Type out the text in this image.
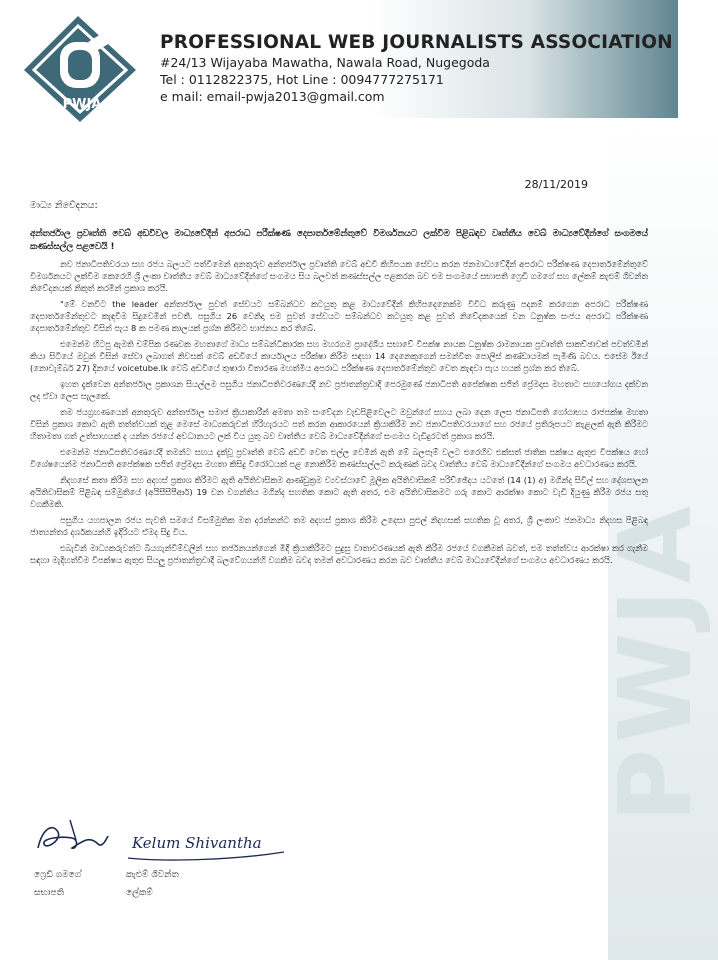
PWJA
PWJA
PROFESSIONAL WEB JOURNALISTS ASSOCIATION
#24/13 Wijayaba Mawatha, Nawala Road, Nugegoda
Tel : 0112822375, Hot Line : 0094777275171
e mail: email-pwja2013@gmail.com
28/11/2019
මාධ්‍ය නිවේදනය:

අන්තර්ජාල ප්‍රවෘත්ති වෙබ් අඩවිවල මාධ්‍යවේදීන් අපරාධ පරීක්ෂණ දෙපාර්තමේන්තුවේ විමර්ශනයට ලක්වීම පිළිබඳව වෘත්තීය වෙබ් මාධ්‍යවේදීන්ගේ සංගමයේ කණස්සල්ල පළවෙයි !

නව ජනාධිපතිවරයා සහ රජය බලයට පත්වීමෙන් අනතුරුව අන්තර්ජාල ප්‍රවෘත්ති වෙබ් අඩවි කිහිපයක සේවය කරන ජනමාධ්‍යවේදීන් අපරාධ පරීක්ෂණ දෙපාර්තමේන්තුවේ විමර්ශනයට ලක්වීම කෙරෙහි ශ්‍රී ලංකා වෘත්තීය වෙබ් මාධ්‍යවේදීන්ගේ සංගමය සිය බලවත් කණස්සල්ල පළකරන බව එම සංගමයේ සභාපති ෆ්‍රෙඩි ගමගේ සහ ලේකම් කැළුම් ශිවන්ත නිවේදනයක් නිකුත් කරමින් ප්‍රකාශ කරයි.

"මේ වනවිට the leader අන්තර්ජාල පුවත් සේවයට සම්බන්ධව කටයුතු කළ මාධ්‍යවේදීන් කිහිපදෙනෙක්ම විවිධ කරුණු පදනම් කරගෙන අපරාධ පරීක්ෂණ දෙපාර්තමේන්තුවට කැඳවීම සිදුවෙමින් පවතී. පසුගිය 26 වෙනිදා එම පුවත් සේවයට සම්බන්ධව කටයුතු කළ පුවත් නිවේදකයෙක් වන ධනුෂ්ක සංජය අපරාධ පරීක්ෂණ දෙපාර්තමේන්තුව විසින් පැය 8 ක පමණ කාලයක් ප්‍රශ්න කිරීමට භාජනය කර තිබේ.

එමෙන්ම හිටපු ඇමති චම්පික රණවක මහතාගේ මාධ්‍ය සම්බන්ධීකාරක සහ මහරගම ප්‍රාදේශීය සභාවේ විපක්ෂ නායක ධනුෂ්ක රාමනායක ප්‍රවෘත්ති සාකච්ඡාවක් පවත්වමින් කියා සිටියේ ඔවුන් විසින් සේවා ලබාගත් නිවසක් වෙබ් අඩවියේ කාර්යාලය පරීක්ෂා කිරීම සඳහා 14 දෙනෙකුගෙන් සමන්විත පොලිස් කණ්ඩායමක් පැමිණි බවය. එසේම ඊයේ (නොවැම්බර් 27) දිනයේ voicetube.lk වෙබ් අඩවියේ තුෂාරා විතාරණ මහත්මිය අපරාධ පරීක්ෂණ දෙපාර්තමේන්තුව වෙත කැඳවා පැය හයක් ප්‍රශ්න කර තිබේ.

ඉහත දැක්වෙන අන්තර්ජාල ප්‍රකාශන සියල්ලම පසුගිය ජනාධිපතිවරණයේදී නව ප්‍රජාතන්ත්‍රවාදී පෙරමුණේ ජනාධිපති අපේක්ෂක සජිත් ප්‍රේමදාස මහතාට සහයෝගය දක්වන ලද ඒවා ලෙස සැලකේ.

තම ජයග්‍රහණයෙන් අනතුරුව අන්තර්ජාල සමාජ ක්‍රියාකාරීන් අමතා තම සංවේදන වැඩපිළිවෙලට ඔවුන්ගේ සහය ලබා දෙන ලෙස ජනාධිපති ගෝඨාභය රාජපක්ෂ මහතා විසින් ප්‍රකාශ කොට ඇති තත්ත්වයක් තුළ මෙසේ මාධ්‍යකරුවන් හිරිහැරයට පත් කරන ආකාරයෙන් ක්‍රියාකිරීම නව ජනාධිපතිවරයාගේ සහ රජයේ ප්‍රතිරූපයට කැළලක් ඇති කිරීමට හිතාමතා ගත් උත්සාහයක් ද යන්න රජයේ අවධානයට ලක් විය යුතු බව වෘත්තීය වෙබ් මාධ්‍යවේදීන්ගේ සංගමය වැඩිදුරටත් ප්‍රකාශ කරයි.

එමෙන්ම ජනාධිපතිවරණයේදී තමන්ට සහය දැක්වූ ප්‍රවෘත්ති වෙබ් අඩවි වෙත එල්ල වෙමින් ඇති මේ බලපෑම් වලට එරෙහිව එක්සත් ජාතික පක්ෂය ඇතුළු විපක්ෂය හෝ විශේෂයෙන්ම ජනාධිපති අපේක්ෂක සජිත් ප්‍රේමදාස මහතා කිසිදු විරෝධයක් පළ නොකිරීම කණස්සල්ලට කරුණක් බවද වෘත්තීය වෙබ් මාධ්‍යවේදීන්ගේ සංගමය අවධාරණය කරයි.

නිදහසේ කතා කිරීම සහ අදහස් ප්‍රකාශ කිරීමට ඇති අයිතිවාසිකම ආණ්ඩුක්‍රම ව්‍යවස්ථාවේ මූලික අයිතිවාසිකම් පරිච්ඡේදය යටතේ (14 (1) අ) මගින්ද සිවිල් සහ දේශපාලන අයිතිවාසිකම් පිළිබඳ සම්මුතියේ (අයිසීසීපීආර්) 19 වන වගන්තිය මගින්ද සහතික කොට ඇති අතර, එම අයිතිවාසිකමට ගරු කොට ආරක්ෂා කොට වැඩි දියුණු කිරීම රජය සතු වගකීමකි.

පසුගිය යහපාලන රජය පැවති සමයේ විසම්මුතික මත දරන්නන්ට තම අදහස් ප්‍රකාශ කිරීම උදෙසා පුළුල් නිදහසක් සහතික වූ අතර, ශ්‍රී ලංකාව ජනමාධ්‍ය නිදහස පිළිබඳ ජාත්‍යන්තර දර්ශකයන්හි ඉදිරියට ඒමද සිදු විය.

එබැවින් මාධ්‍යකරුවන්ට බියගැන්වීම්වලින් සහ තර්ජනයන්ගෙන් මිදී ක්‍රියාකිරීමට සුදුසු වාතාවරණයක් ඇති කිරීම රජයේ වගකීමක් බවත්, එම තත්ත්වය ආරක්ෂා කර ගැනීම සඳහා මැදිහත්වීම විපක්ෂය ඇතුළු සියලු ප්‍රජාතන්ත්‍රවාදී බලවේගයන්හි වගකීම බවද තමන් අවධාරණය කරන බව වෘත්තීය වෙබ් මාධ්‍යවේදීන්ගේ සංගමය අවධාරණය කරයි.

Kelum Shivantha
ෆ්‍රෙඩි ගමගේ
සභාපති
කැළුම් ශිවන්ත
ලේකම්
